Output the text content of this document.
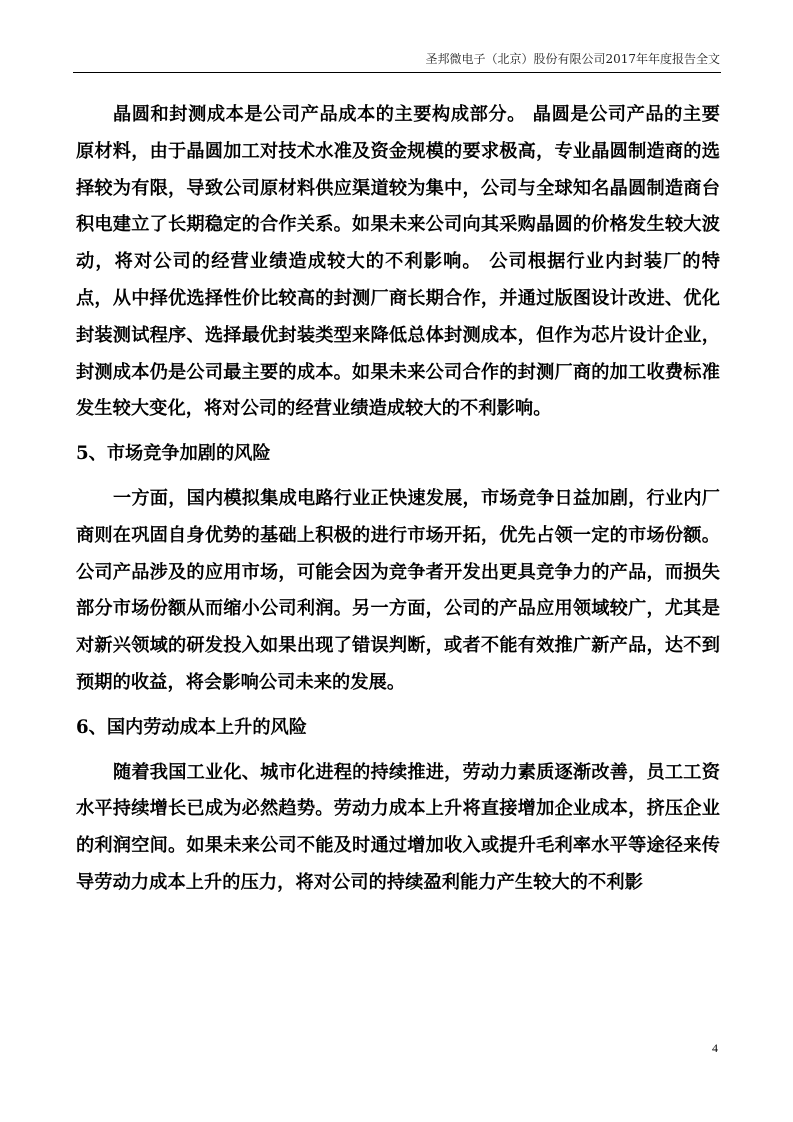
圣邦微电子（北京）股份有限公司2017年年度报告全文

晶圆和封测成本是公司产品成本的主要构成部分。 晶圆是公司产品的主要原材料，由于晶圆加工对技术水准及资金规模的要求极高，专业晶圆制造商的选择较为有限，导致公司原材料供应渠道较为集中，公司与全球知名晶圆制造商台积电建立了长期稳定的合作关系。如果未来公司向其采购晶圆的价格发生较大波动，将对公司的经营业绩造成较大的不利影响。 公司根据行业内封装厂的特点，从中择优选择性价比较高的封测厂商长期合作，并通过版图设计改进、优化封装测试程序、选择最优封装类型来降低总体封测成本，但作为芯片设计企业，封测成本仍是公司最主要的成本。如果未来公司合作的封测厂商的加工收费标准发生较大变化，将对公司的经营业绩造成较大的不利影响。

5、市场竞争加剧的风险

一方面，国内模拟集成电路行业正快速发展，市场竞争日益加剧，行业内厂商则在巩固自身优势的基础上积极的进行市场开拓，优先占领一定的市场份额。公司产品涉及的应用市场，可能会因为竞争者开发出更具竞争力的产品，而损失部分市场份额从而缩小公司利润。另一方面，公司的产品应用领域较广，尤其是对新兴领域的研发投入如果出现了错误判断，或者不能有效推广新产品，达不到预期的收益，将会影响公司未来的发展。

6、国内劳动成本上升的风险

随着我国工业化、城市化进程的持续推进，劳动力素质逐渐改善，员工工资水平持续增长已成为必然趋势。劳动力成本上升将直接增加企业成本，挤压企业的利润空间。如果未来公司不能及时通过增加收入或提升毛利率水平等途径来传导劳动力成本上升的压力，将对公司的持续盈利能力产生较大的不利影

4
